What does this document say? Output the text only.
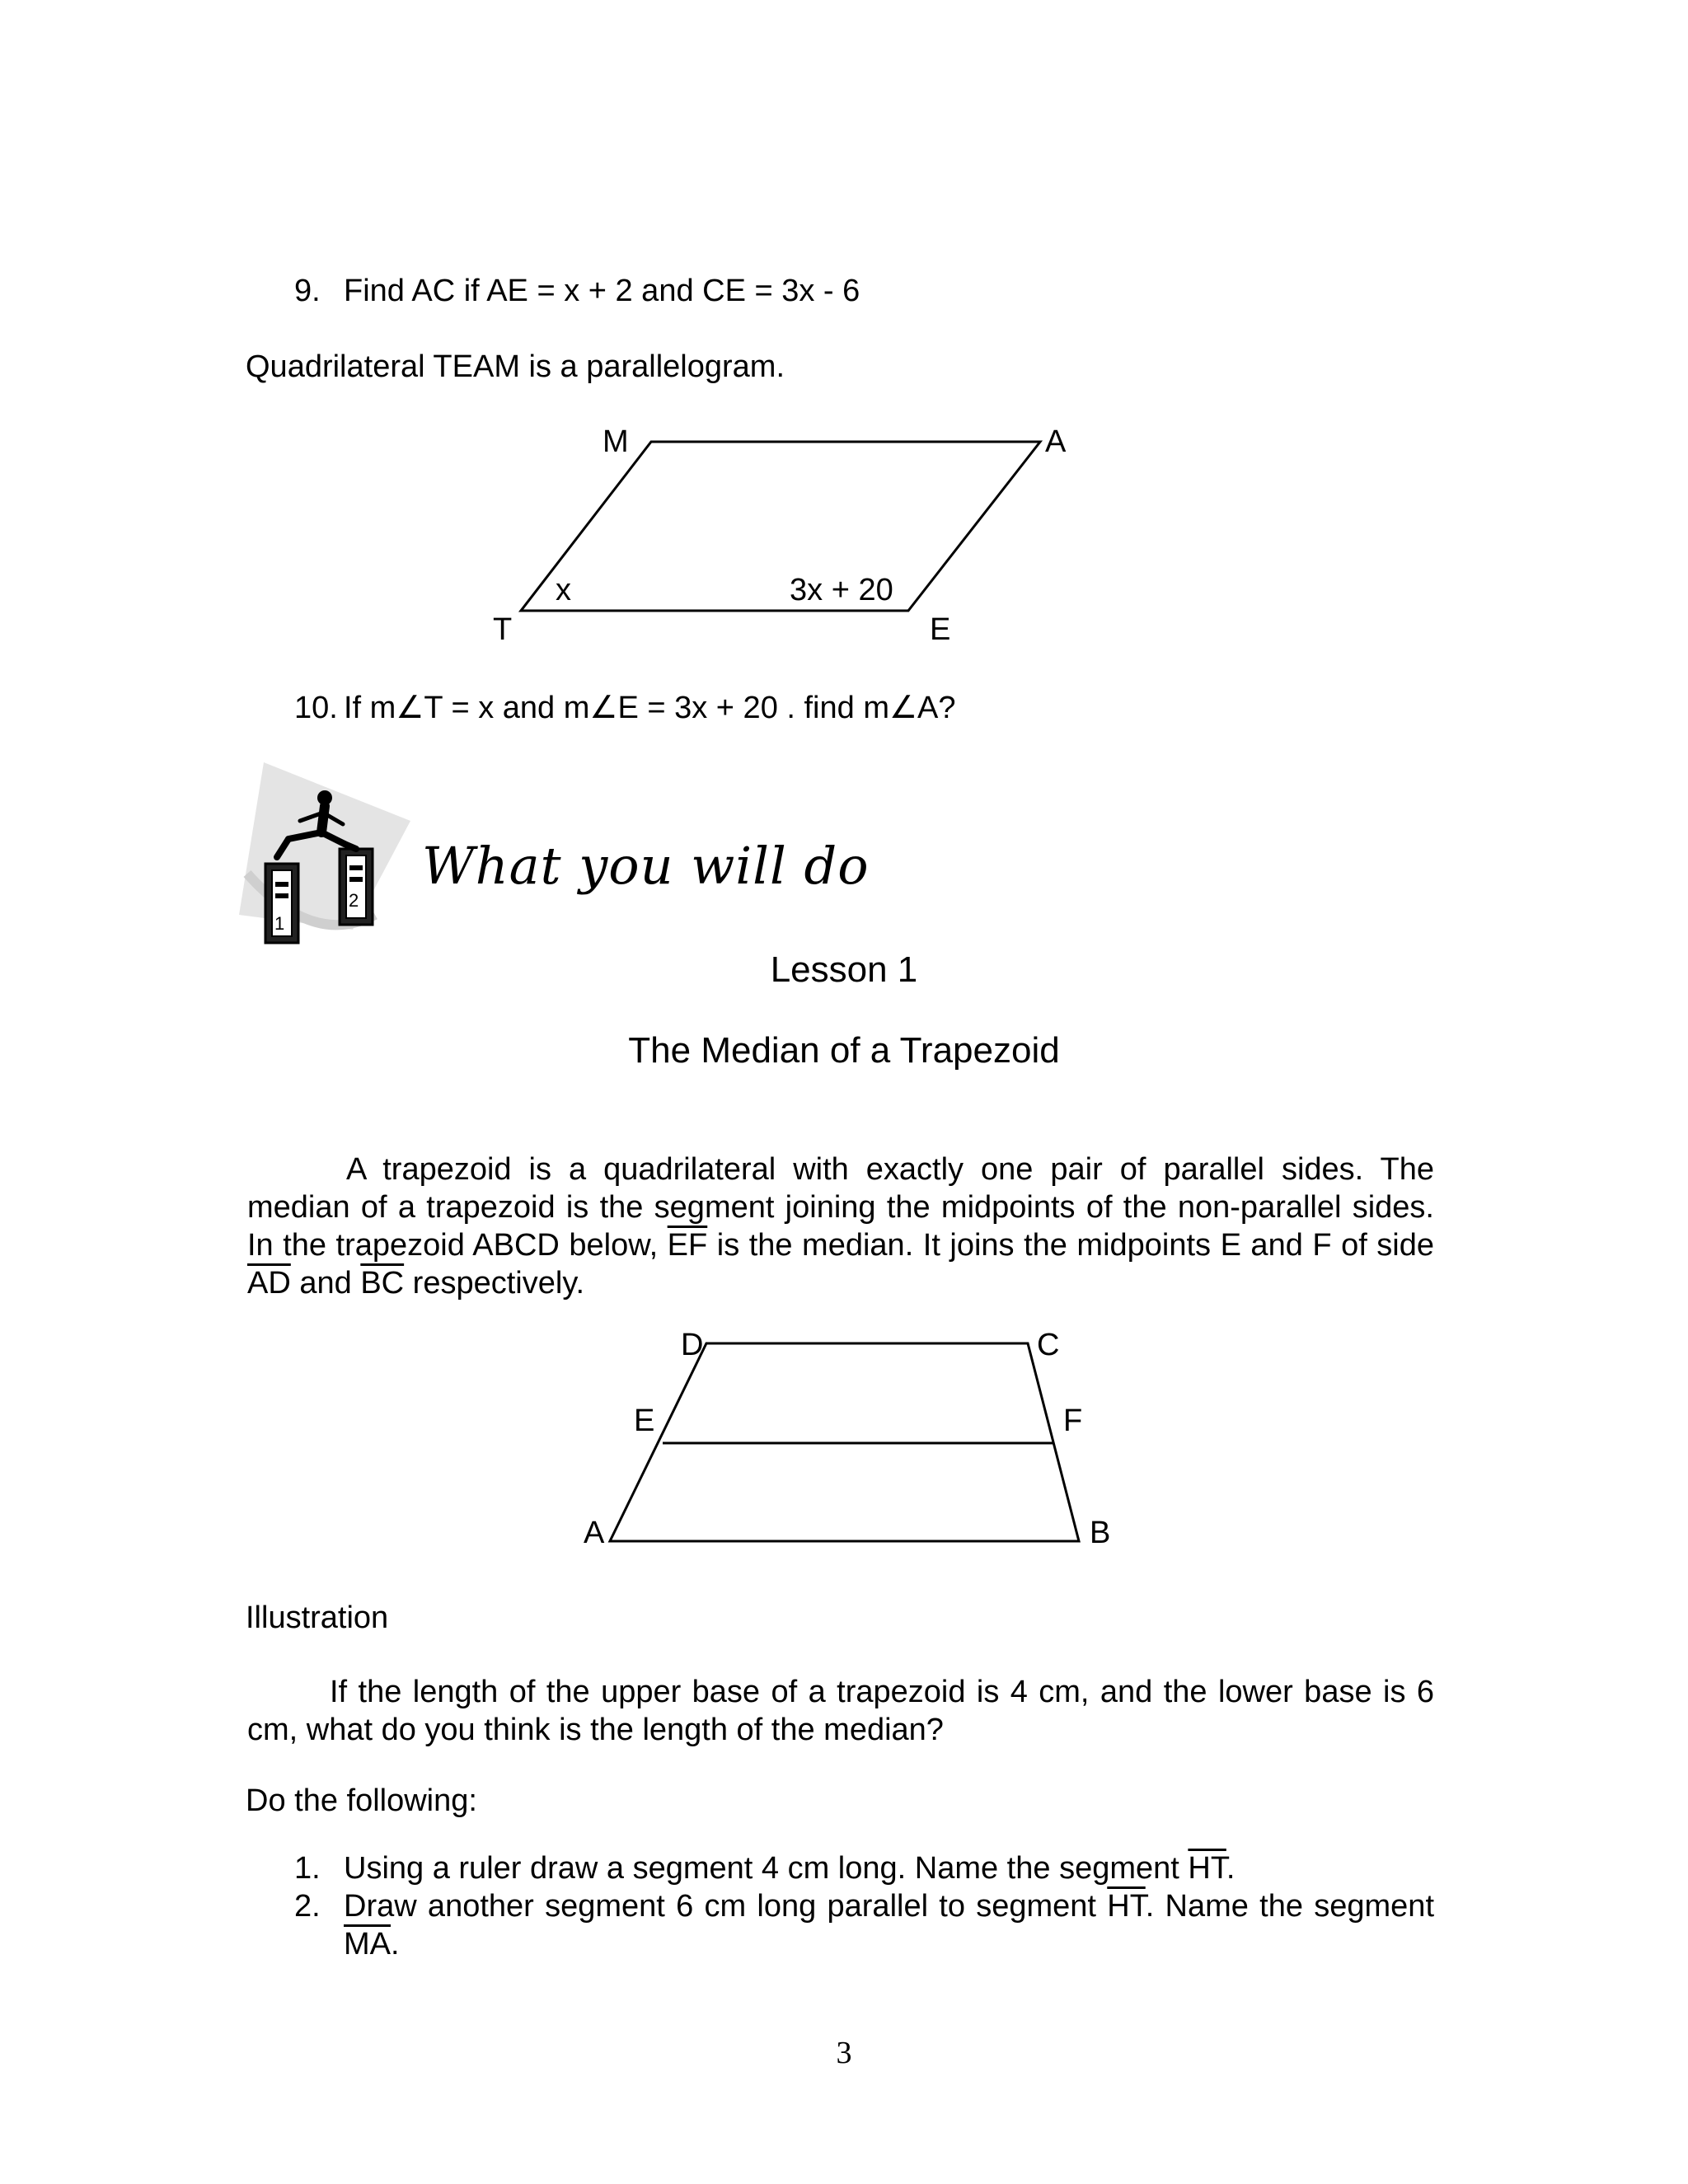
9. Find AC if AE = x + 2 and CE = 3x - 6
Quadrilateral TEAM is a parallelogram.
M	A
T	E
x	3x + 20
D	C
E	F
A	B
1
2
10. If m∠T = x and m∠E = 3x + 20 . find m∠A?
What you will do
Lesson 1
The Median of a Trapezoid

A trapezoid is a quadrilateral with exactly one pair of parallel sides. The median of a trapezoid is the segment joining the midpoints of the non-parallel sides. In the trapezoid ABCD below, $\overline{EF}$ is the median. It joins the midpoints E and F of side $\overline{AD}$ and $\overline{BC}$ respectively.

Illustration

If the length of the upper base of a trapezoid is 4 cm, and the lower base is 6 cm, what do you think is the length of the median?

Do the following:
1. Using a ruler draw a segment 4 cm long. Name the segment $\overline{HT}$.

2. Draw another segment 6 cm long parallel to segment $\overline{HT}$. Name the segment $\overline{MA}$.

3
